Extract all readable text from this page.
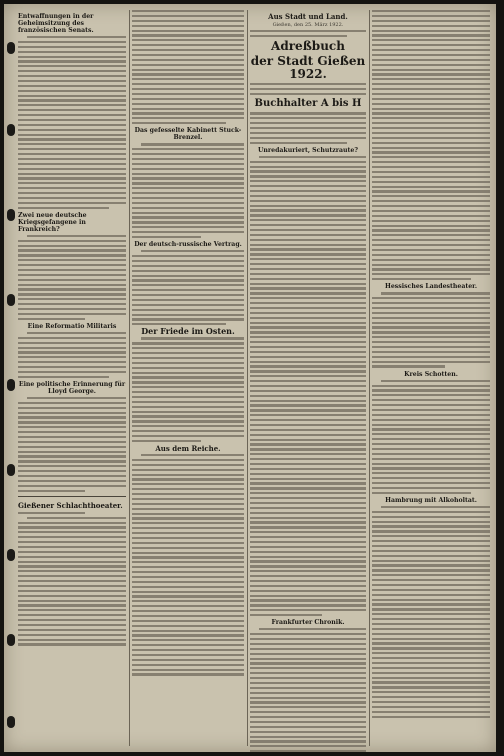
Entwaffnungen in der Geheimsitzung des französischen Senats.
Zwei neue deutsche Kriegsgefangene in Frankreich?
Eine Reformatio Militaris
Eine politische Erinnerung für Lloyd George.
Gießener Schlachthoeater.
Das gefesselte Kabinett Stuck-Brenzel.
Der deutsch-russische Vertrag.
Der Friede im Osten.
Aus dem Reiche.
Aus Stadt und Land.
Gießen, den 25. März 1922.
Adreßbuch
der Stadt Gießen 1922.
Buchhalter A bis H
Unredakuriert, Schutzraute?
Frankfurter Chronik.
Hessisches Landestheater.
Kreis Schotten.
Hambrung mit Alkoholtat.
